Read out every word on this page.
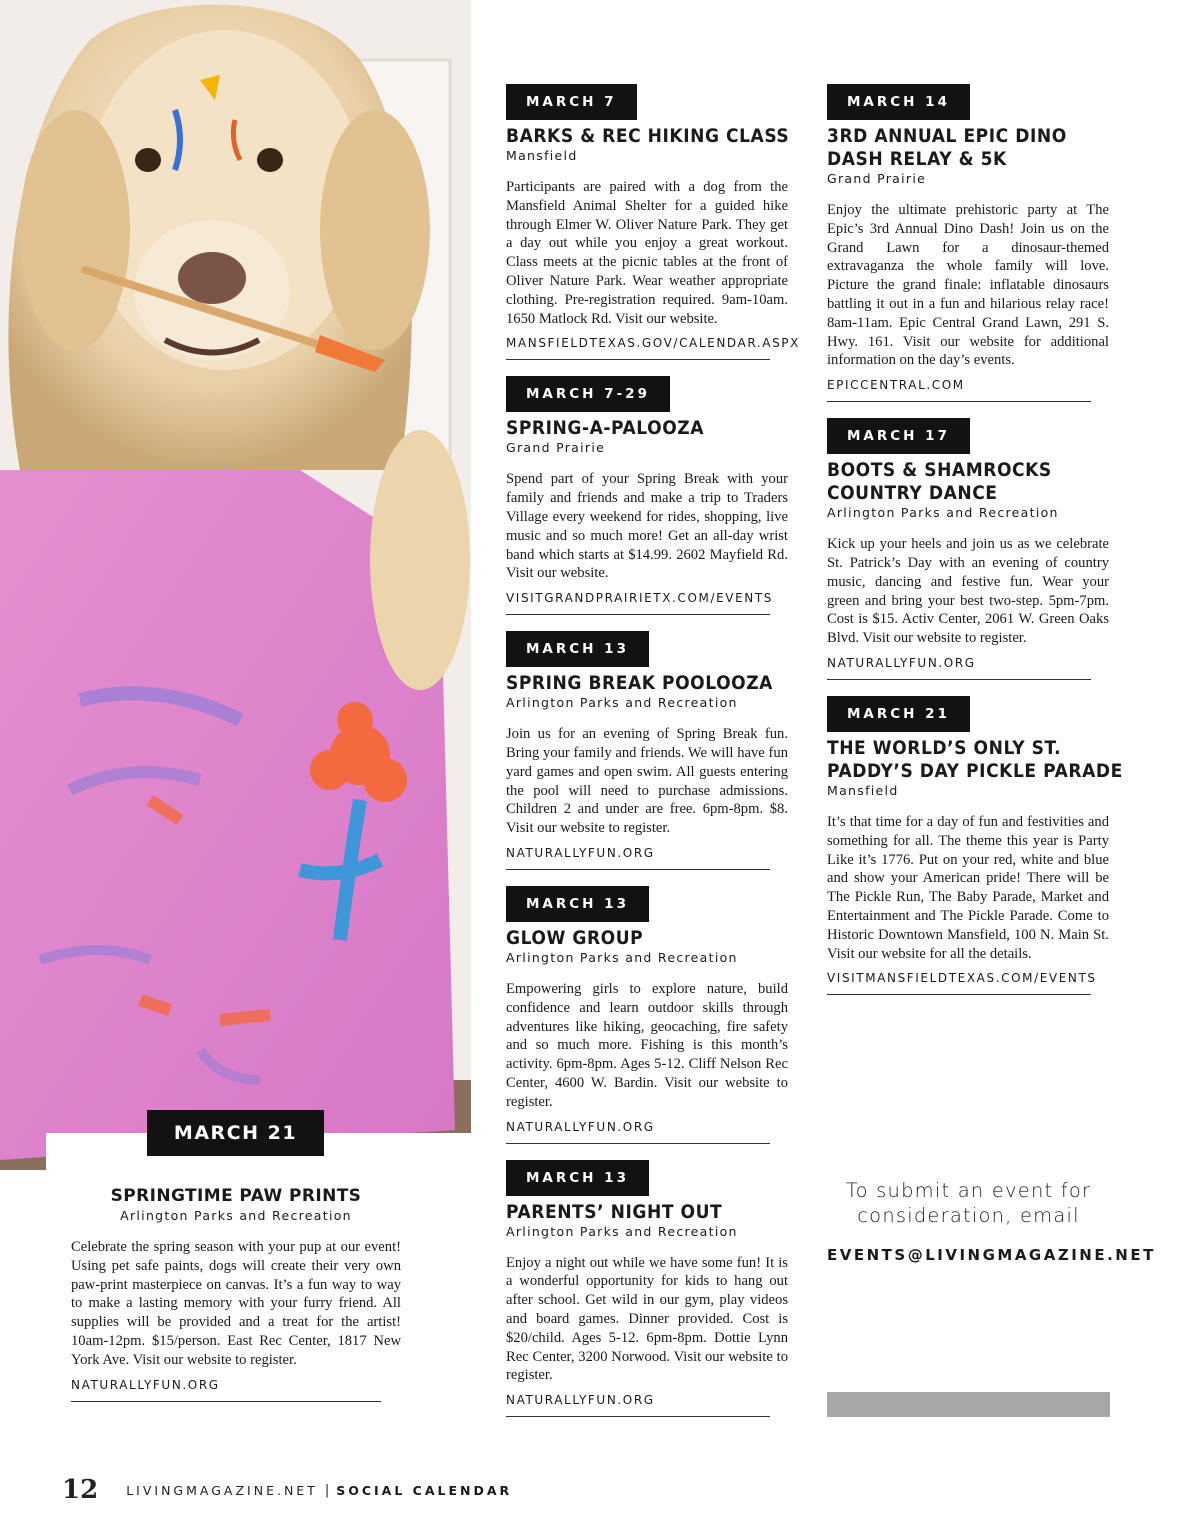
MARCH 21
SPRINGTIME PAW PRINTS
Arlington Parks and Recreation
Celebrate the spring season with your pup at our event! Using pet safe paints, dogs will create their very own paw-print masterpiece on canvas. It’s a fun way to way to make a lasting memory with your furry friend. All supplies will be provided and a treat for the artist! 10am-12pm. $15/person. East Rec Center, 1817 New York Ave. Visit our website to register.
NATURALLYFUN.ORG
MARCH 7
BARKS & REC HIKING CLASS
Mansfield
Participants are paired with a dog from the Mansfield Animal Shelter for a guided hike through Elmer W. Oliver Nature Park. They get a day out while you enjoy a great workout. Class meets at the picnic tables at the front of Oliver Nature Park. Wear weather appropriate clothing. Pre-registration required. 9am-10am. 1650 Matlock Rd. Visit our website.
MANSFIELDTEXAS.GOV/CALENDAR.ASPX
MARCH 7-29
SPRING-A-PALOOZA
Grand Prairie
Spend part of your Spring Break with your family and friends and make a trip to Traders Village every weekend for rides, shopping, live music and so much more! Get an all-day wrist band which starts at $14.99. 2602 Mayfield Rd. Visit our website.
VISITGRANDPRAIRIETX.COM/EVENTS
MARCH 13
SPRING BREAK POOLOOZA
Arlington Parks and Recreation
Join us for an evening of Spring Break fun. Bring your family and friends. We will have fun yard games and open swim. All guests entering the pool will need to purchase admissions. Children 2 and under are free. 6pm-8pm. $8. Visit our website to register.
NATURALLYFUN.ORG
MARCH 13
GLOW GROUP
Arlington Parks and Recreation
Empowering girls to explore nature, build confidence and learn outdoor skills through adventures like hiking, geocaching, fire safety and so much more. Fishing is this month’s activity. 6pm-8pm. Ages 5-12. Cliff Nelson Rec Center, 4600 W. Bardin. Visit our website to register.
NATURALLYFUN.ORG
MARCH 13
PARENTS’ NIGHT OUT
Arlington Parks and Recreation
Enjoy a night out while we have some fun! It is a wonderful opportunity for kids to hang out after school. Get wild in our gym, play videos and board games. Dinner provided. Cost is $20/child. Ages 5-12. 6pm-8pm. Dottie Lynn Rec Center, 3200 Norwood. Visit our website to register.
NATURALLYFUN.ORG
MARCH 14
3RD ANNUAL EPIC DINO
DASH RELAY & 5K
Grand Prairie
Enjoy the ultimate prehistoric party at The Epic’s 3rd Annual Dino Dash! Join us on the Grand Lawn for a dinosaur-themed extravaganza the whole family will love. Picture the grand finale: inflatable dinosaurs battling it out in a fun and hilarious relay race! 8am-11am. Epic Central Grand Lawn, 291 S. Hwy. 161. Visit our website for additional information on the day’s events.
EPICCENTRAL.COM
MARCH 17
BOOTS & SHAMROCKS
COUNTRY DANCE
Arlington Parks and Recreation
Kick up your heels and join us as we celebrate St. Patrick’s Day with an evening of country music, dancing and festive fun. Wear your green and bring your best two-step. 5pm-7pm. Cost is $15. Activ Center, 2061 W. Green Oaks Blvd. Visit our website to register.
NATURALLYFUN.ORG
MARCH 21
THE WORLD’S ONLY ST.
PADDY’S DAY PICKLE PARADE
Mansfield
It’s that time for a day of fun and festivities and something for all. The theme this year is Party Like it’s 1776. Put on your red, white and blue and show your American pride! There will be The Pickle Run, The Baby Parade, Market and Entertainment and The Pickle Parade. Come to Historic Downtown Mansfield, 100 N. Main St. Visit our website for all the details.
VISITMANSFIELDTEXAS.COM/EVENTS
To submit an event for
consideration, email
EVENTS@LIVINGMAGAZINE.NET
12 LIVINGMAGAZINE.NET | SOCIAL CALENDAR
